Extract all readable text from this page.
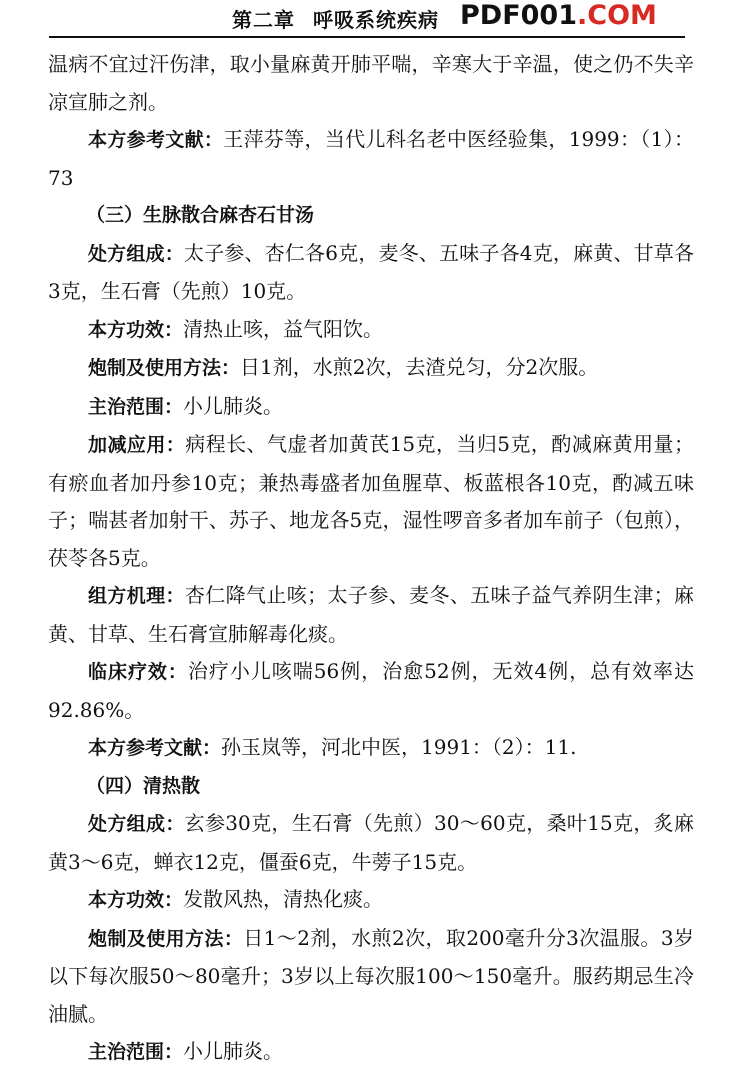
第二章 呼吸系统疾病 PDF001.COM

温病不宜过汗伤津，取小量麻黄开肺平喘，辛寒大于辛温，使之仍不失辛凉宣肺之剂。

本方参考文献：王萍芬等，当代儿科名老中医经验集，1999：（1）：73

（三）生脉散合麻杏石甘汤

处方组成：太子参、杏仁各6克，麦冬、五味子各4克，麻黄、甘草各3克，生石膏（先煎）10克。

本方功效：清热止咳，益气阳饮。

炮制及使用方法：日1剂，水煎2次，去渣兑匀，分2次服。

主治范围：小儿肺炎。

加减应用：病程长、气虚者加黄芪15克，当归5克，酌减麻黄用量；有瘀血者加丹参10克；兼热毒盛者加鱼腥草、板蓝根各10克，酌减五味子；喘甚者加射干、苏子、地龙各5克，湿性啰音多者加车前子（包煎），茯苓各5克。

组方机理：杏仁降气止咳；太子参、麦冬、五味子益气养阴生津；麻黄、甘草、生石膏宣肺解毒化痰。

临床疗效：治疗小儿咳喘56例，治愈52例，无效4例，总有效率达92.86%。

本方参考文献：孙玉岚等，河北中医，1991：（2）：11.

（四）清热散

处方组成：玄参30克，生石膏（先煎）30～60克，桑叶15克，炙麻黄3～6克，蝉衣12克，僵蚕6克，牛蒡子15克。

本方功效：发散风热，清热化痰。

炮制及使用方法：日1～2剂，水煎2次，取200毫升分3次温服。3岁以下每次服50～80毫升；3岁以上每次服100～150毫升。服药期忌生冷油腻。

主治范围：小儿肺炎。
